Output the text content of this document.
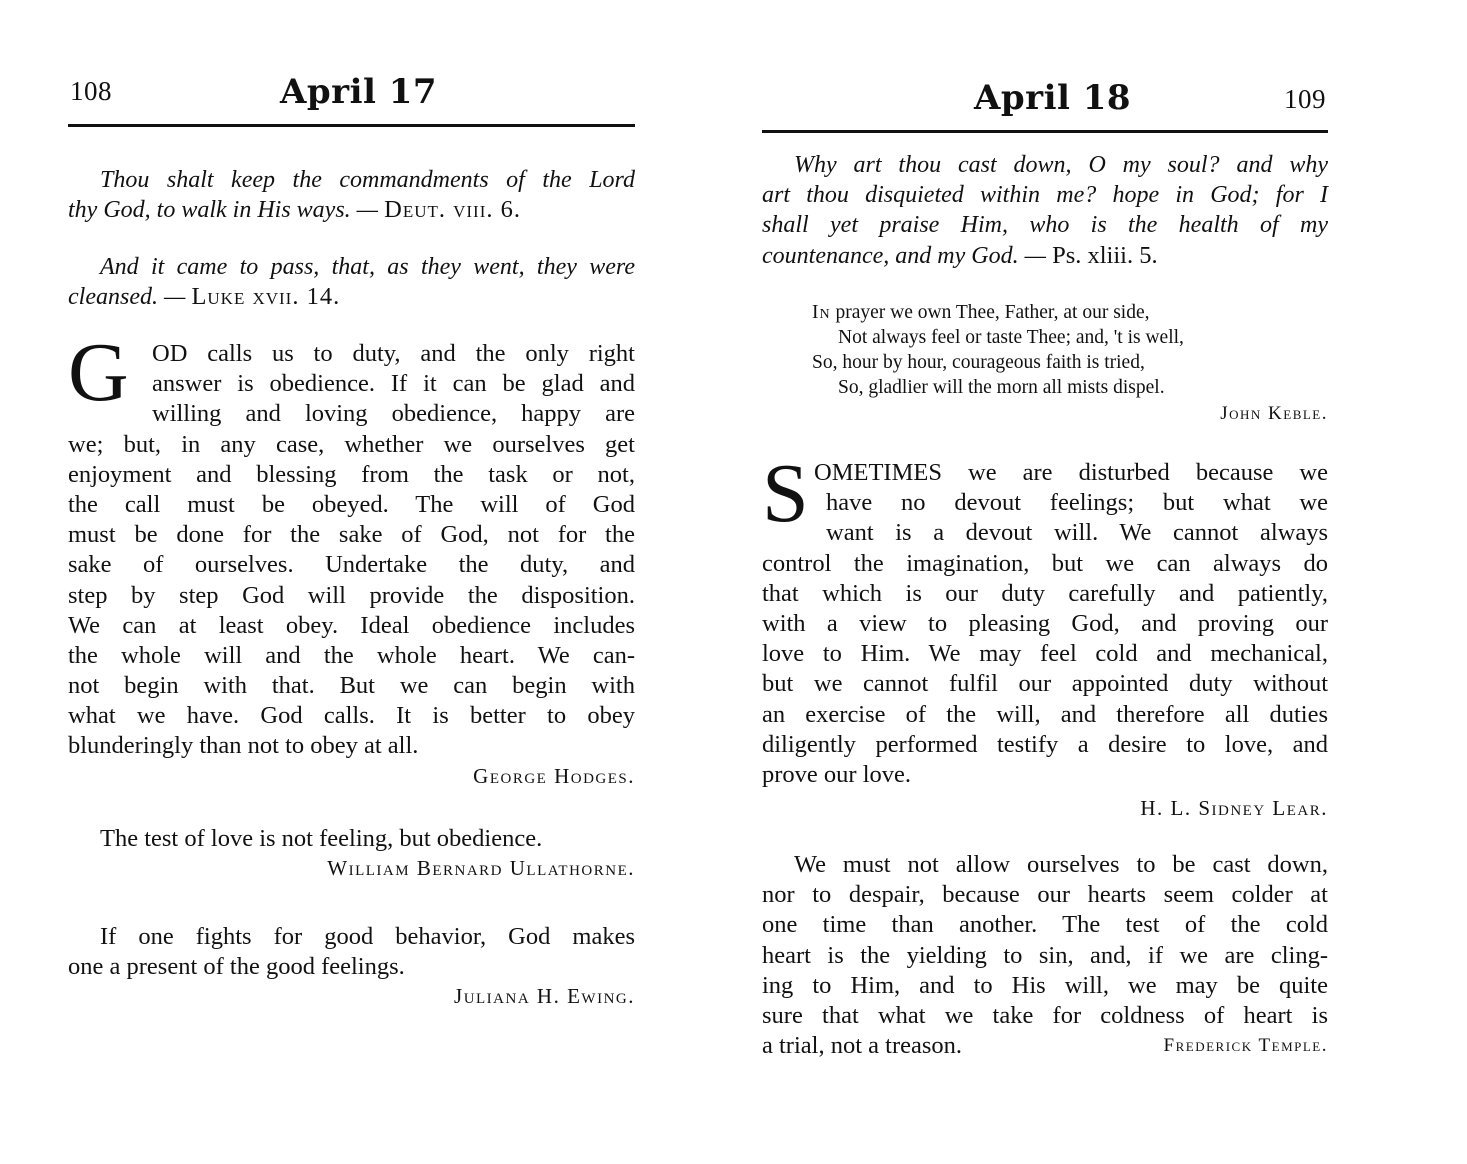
108	April 17
Thou shalt keep the commandments of the Lord
thy God, to walk in His ways. — Deut. viii. 6.
And it came to pass, that, as they went, they were
cleansed. — Luke xvii. 14.
G OD calls us to duty, and the only right
answer is obedience. If it can be glad and
willing and loving obedience, happy are
we; but, in any case, whether we ourselves get
enjoyment and blessing from the task or not,
the call must be obeyed. The will of God
must be done for the sake of God, not for the
sake of ourselves. Undertake the duty, and
step by step God will provide the disposition.
We can at least obey. Ideal obedience includes
the whole will and the whole heart. We can-
not begin with that. But we can begin with
what we have. God calls. It is better to obey
blunderingly than not to obey at all.
George Hodges.
The test of love is not feeling, but obedience.
William Bernard Ullathorne.
If one fights for good behavior, God makes
one a present of the good feelings.
Juliana H. Ewing.
April 18	109
Why art thou cast down, O my soul? and why
art thou disquieted within me? hope in God; for I
shall yet praise Him, who is the health of my
countenance, and my God. — Ps. xliii. 5.
In prayer we own Thee, Father, at our side,
Not always feel or taste Thee; and, 't is well,
So, hour by hour, courageous faith is tried,
So, gladlier will the morn all mists dispel.
John Keble.
S OMETIMES we are disturbed because we
have no devout feelings; but what we
want is a devout will. We cannot always
control the imagination, but we can always do
that which is our duty carefully and patiently,
with a view to pleasing God, and proving our
love to Him. We may feel cold and mechanical,
but we cannot fulfil our appointed duty without
an exercise of the will, and therefore all duties
diligently performed testify a desire to love, and
prove our love.
H. L. Sidney Lear.
We must not allow ourselves to be cast down,
nor to despair, because our hearts seem colder at
one time than another. The test of the cold
heart is the yielding to sin, and, if we are cling-
ing to Him, and to His will, we may be quite
sure that what we take for coldness of heart is
a trial, not a treason.	Frederick Temple.
